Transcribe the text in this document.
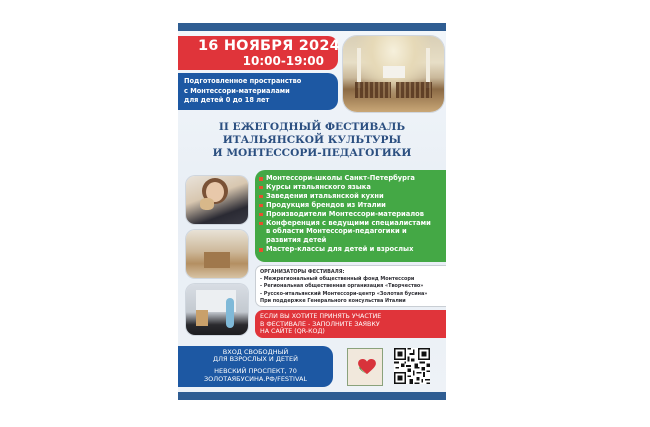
16 НОЯБРЯ 2024
10:00-19:00
Подготовленное пространство
с Монтессори-материалами
для детей 0 до 18 лет
II ЕЖЕГОДНЫЙ ФЕСТИВАЛЬ
ИТАЛЬЯНСКОЙ КУЛЬТУРЫ
И МОНТЕССОРИ-ПЕДАГОГИКИ
Монтессори-школы Санкт-Петербурга
Курсы итальянского языка
Заведения итальянской кухни
Продукция брендов из Италии
Производители Монтессори-материалов
Конференция с ведущими специалистами
в области Монтессори-педагогики и
развития детей
Мастер-классы для детей и взрослых
ОРГАНИЗАТОРЫ ФЕСТИВАЛЯ:
- Межрегиональный общественный фонд Монтессори
- Региональная общественная организация «Творчество»
- Русско-итальянский Монтессори-центр «Золотая бусина»
При поддержке Генерального консульства Италии
ЕСЛИ ВЫ ХОТИТЕ ПРИНЯТЬ УЧАСТИЕ
В ФЕСТИВАЛЕ - ЗАПОЛНИТЕ ЗАЯВКУ
НА САЙТЕ (QR-КОД)
ВХОД СВОБОДНЫЙ
ДЛЯ ВЗРОСЛЫХ И ДЕТЕЙ
НЕВСКИЙ ПРОСПЕКТ, 70
ЗОЛОТАЯБУСИНА.РФ/FESTIVAL
